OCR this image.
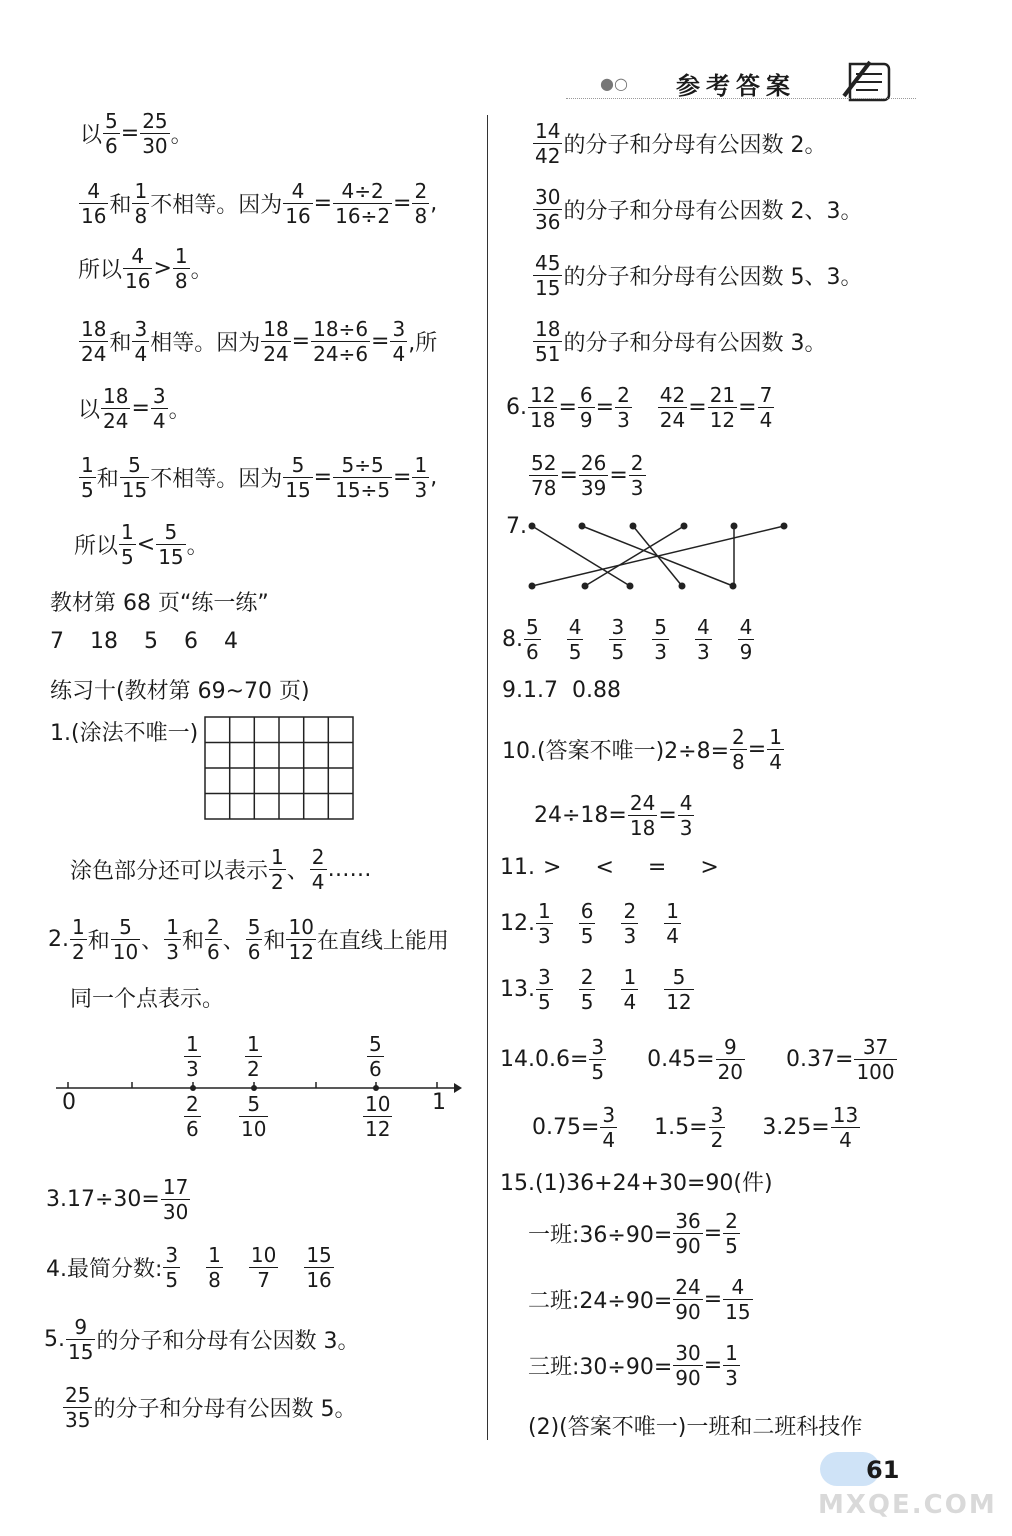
●○ 参考答案
以 $\frac{5}{6} = \frac{25}{30}$ 。
4
16 和
1
8 不相等。因为 $\frac{4}{16} = \frac{4\div 2}{16\div 2} = \frac{2}{8}$ ,
所以
4
16 > 1
8 。
18
24 和
3
4 相等。因为 $\frac{18}{24} = \frac{18\div 6}{24\div 6} = \frac{3}{4}$ ,所
以 $\frac{18}{24} = \frac{3}{4}$ 。
1
5 和
5
15 不相等。因为 $\frac{5}{15} = \frac{5\div 5}{15\div 5} = \frac{1}{3}$ ,
所以
1
5 < 5
15 。
教材第 68 页“练一练”
7 18 5 6 4
练习十(教材第 69~70 页)
1.(涂法不唯一)
涂色部分还可以表示
1
2 、
2
4 ……
2. 1
2 和
5
10 、
1
3 和
2
6 、
5
6 和
10
12 在直线上能用
同一个点表示。
0	1
$\frac{1}{3} \frac{1}{2}$	$\frac{5}{6}$
$\frac{2}{6} \frac{5}{10}$	$\frac{10}{12}$
$3.17\div 30= \frac{17}{30}$
4.最简分数:
3
5
1
8
10
7
15
16
5. 9
15 的分子和分母有公因数 3。
25
35 的分子和分母有公因数 5。
14
42 的分子和分母有公因数 2。
30
36 的分子和分母有公因数 2、3。
45
15 的分子和分母有公因数 5、3。
18
51 的分子和分母有公因数 3。
6. $\frac{12}{18} = \frac{6}{9} = \frac{2}{3} \frac{42}{24} = \frac{21}{12} = \frac{7}{4}$
$\frac{52}{78} = \frac{26}{39} = \frac{2}{3}$
7.
8. 5
6
4
5
3
5
5
3
4
3
4
9
9.1.7  0.88
10.(答案不唯一)$2\div 8= \frac{2}{8} = \frac{1}{4}$
$24\div 18= \frac{24}{18} = \frac{4}{3}$
11. > < = >
12. 1
3
6
5
2
3
1
4
13. 3
5
2
5
1
4
5
12
$14.0.6= \frac{3}{5} 0.45= \frac{9}{20} 0.37= \frac{37}{100}$
$0.75= \frac{3}{4} 1.5= \frac{3}{2} 3.25= \frac{13}{4}$
15.(1)36+24+30=90(件)
一班:36÷90= $\frac{36}{90} = \frac{2}{5}$
二班:24÷90= $\frac{24}{90} = \frac{4}{15}$
三班:30÷90= $\frac{30}{90} = \frac{1}{3}$
(2)(答案不唯一)一班和二班科技作
61
MXQE.COM
